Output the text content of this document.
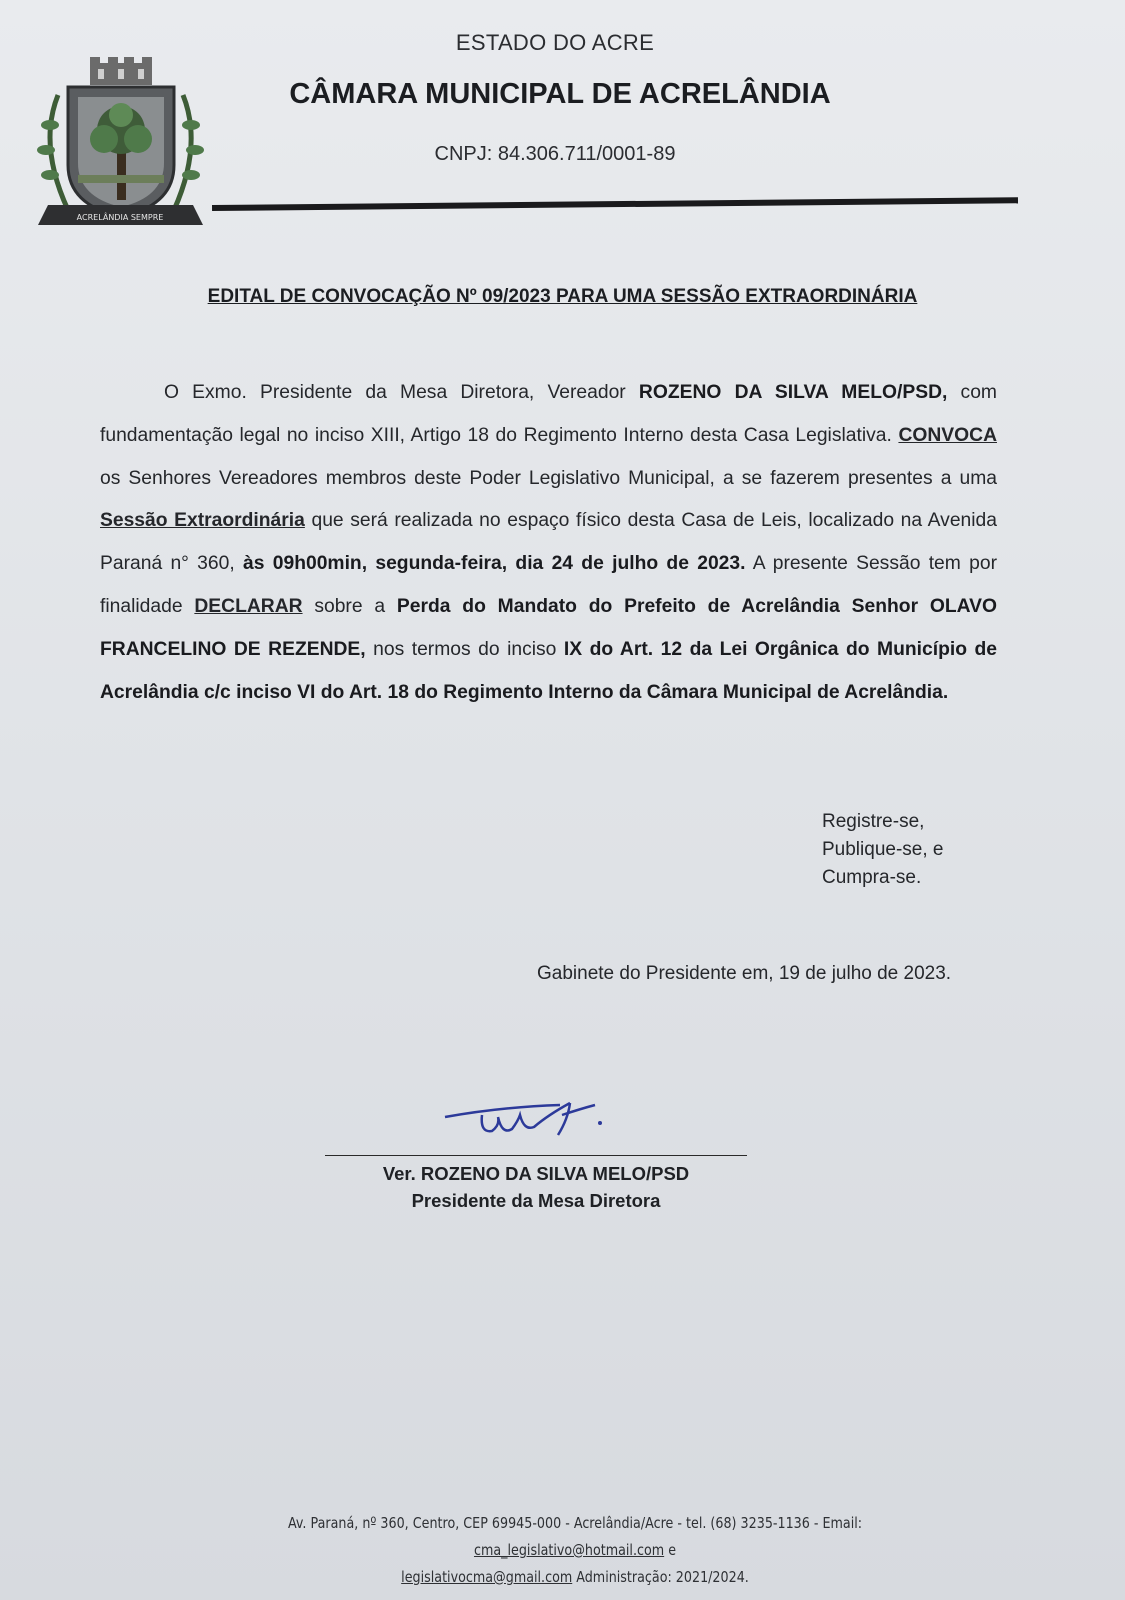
ACRELÂNDIA SEMPRE
ESTADO DO ACRE
CÂMARA MUNICIPAL DE ACRELÂNDIA
CNPJ: 84.306.711/0001-89
EDITAL DE CONVOCAÇÃO Nº 09/2023 PARA UMA SESSÃO EXTRAORDINÁRIA
O Exmo. Presidente da Mesa Diretora, Vereador ROZENO DA SILVA MELO/PSD, com fundamentação legal no inciso XIII, Artigo 18 do Regimento Interno desta Casa Legislativa. CONVOCA os Senhores Vereadores membros deste Poder Legislativo Municipal, a se fazerem presentes a uma Sessão Extraordinária que será realizada no espaço físico desta Casa de Leis, localizado na Avenida Paraná n° 360, às 09h00min, segunda-feira, dia 24 de julho de 2023. A presente Sessão tem por finalidade DECLARAR sobre a Perda do Mandato do Prefeito de Acrelândia Senhor OLAVO FRANCELINO DE REZENDE, nos termos do inciso IX do Art. 12 da Lei Orgânica do Município de Acrelândia c/c inciso VI do Art. 18 do Regimento Interno da Câmara Municipal de Acrelândia.
Registre-se,
Publique-se, e
Cumpra-se.
Gabinete do Presidente em, 19 de julho de 2023.
Ver. ROZENO DA SILVA MELO/PSD
Presidente da Mesa Diretora
Av. Paraná, nº 360, Centro, CEP 69945-000 - Acrelândia/Acre - tel. (68) 3235-1136 - Email: cma_legislativo@hotmail.com e
legislativocma@gmail.com Administração: 2021/2024.
